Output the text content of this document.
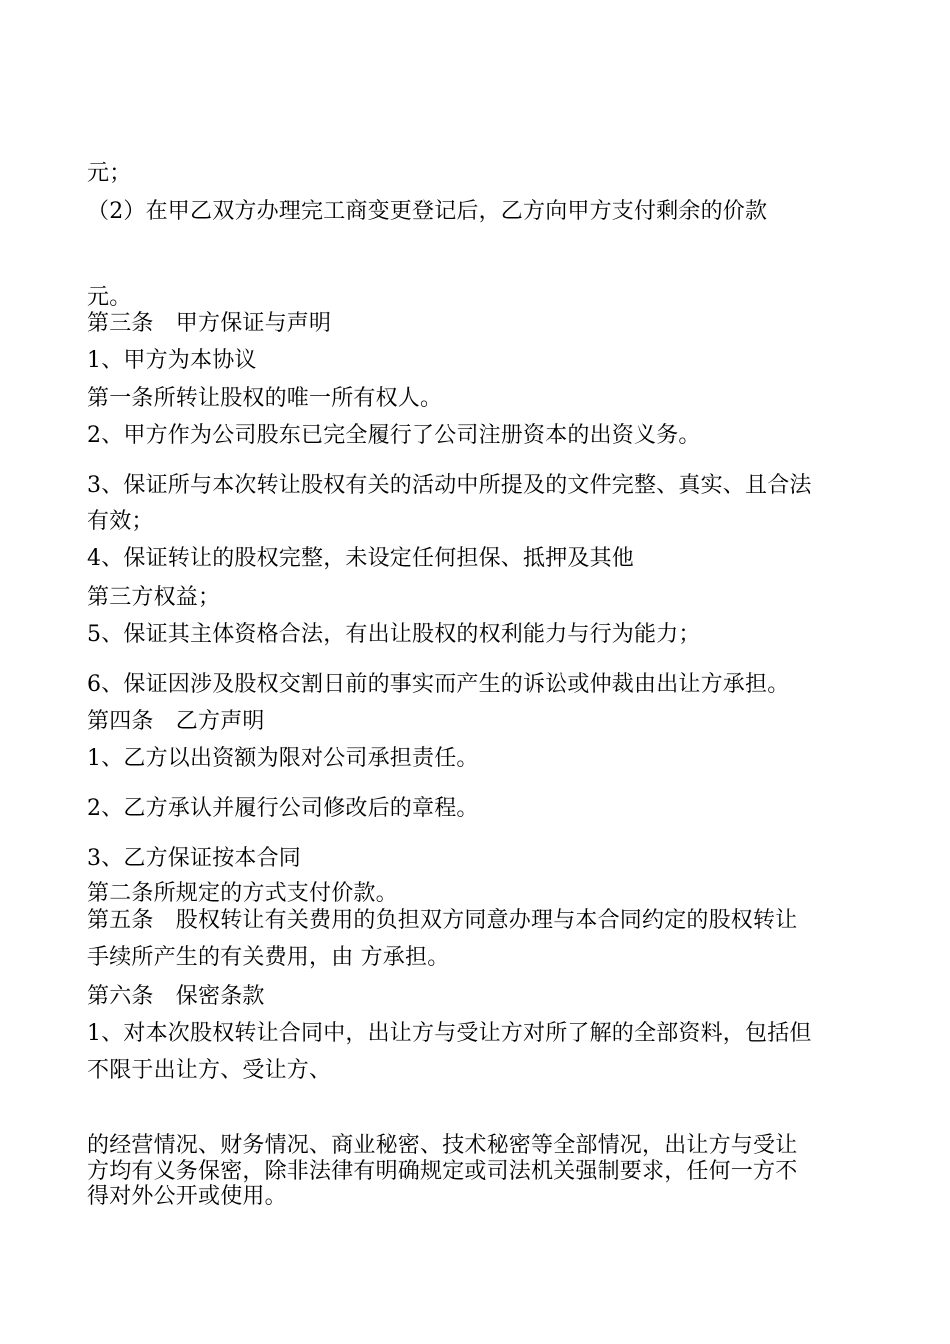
元；
（2）在甲乙双方办理完工商变更登记后，乙方向甲方支付剩余的价款
元。
第三条　甲方保证与声明
1、甲方为本协议
第一条所转让股权的唯一所有权人。
2、甲方作为公司股东已完全履行了公司注册资本的出资义务。
3、保证所与本次转让股权有关的活动中所提及的文件完整、真实、且合法
有效；
4、保证转让的股权完整，未设定任何担保、抵押及其他
第三方权益；
5、保证其主体资格合法，有出让股权的权利能力与行为能力；
6、保证因涉及股权交割日前的事实而产生的诉讼或仲裁由出让方承担。
第四条　乙方声明
1、乙方以出资额为限对公司承担责任。
2、乙方承认并履行公司修改后的章程。
3、乙方保证按本合同
第二条所规定的方式支付价款。
第五条　股权转让有关费用的负担双方同意办理与本合同约定的股权转让
手续所产生的有关费用，由 方承担。
第六条　保密条款
1、对本次股权转让合同中，出让方与受让方对所了解的全部资料，包括但
不限于出让方、受让方、
的经营情况、财务情况、商业秘密、技术秘密等全部情况，出让方与受让
方均有义务保密，除非法律有明确规定或司法机关强制要求，任何一方不
得对外公开或使用。
